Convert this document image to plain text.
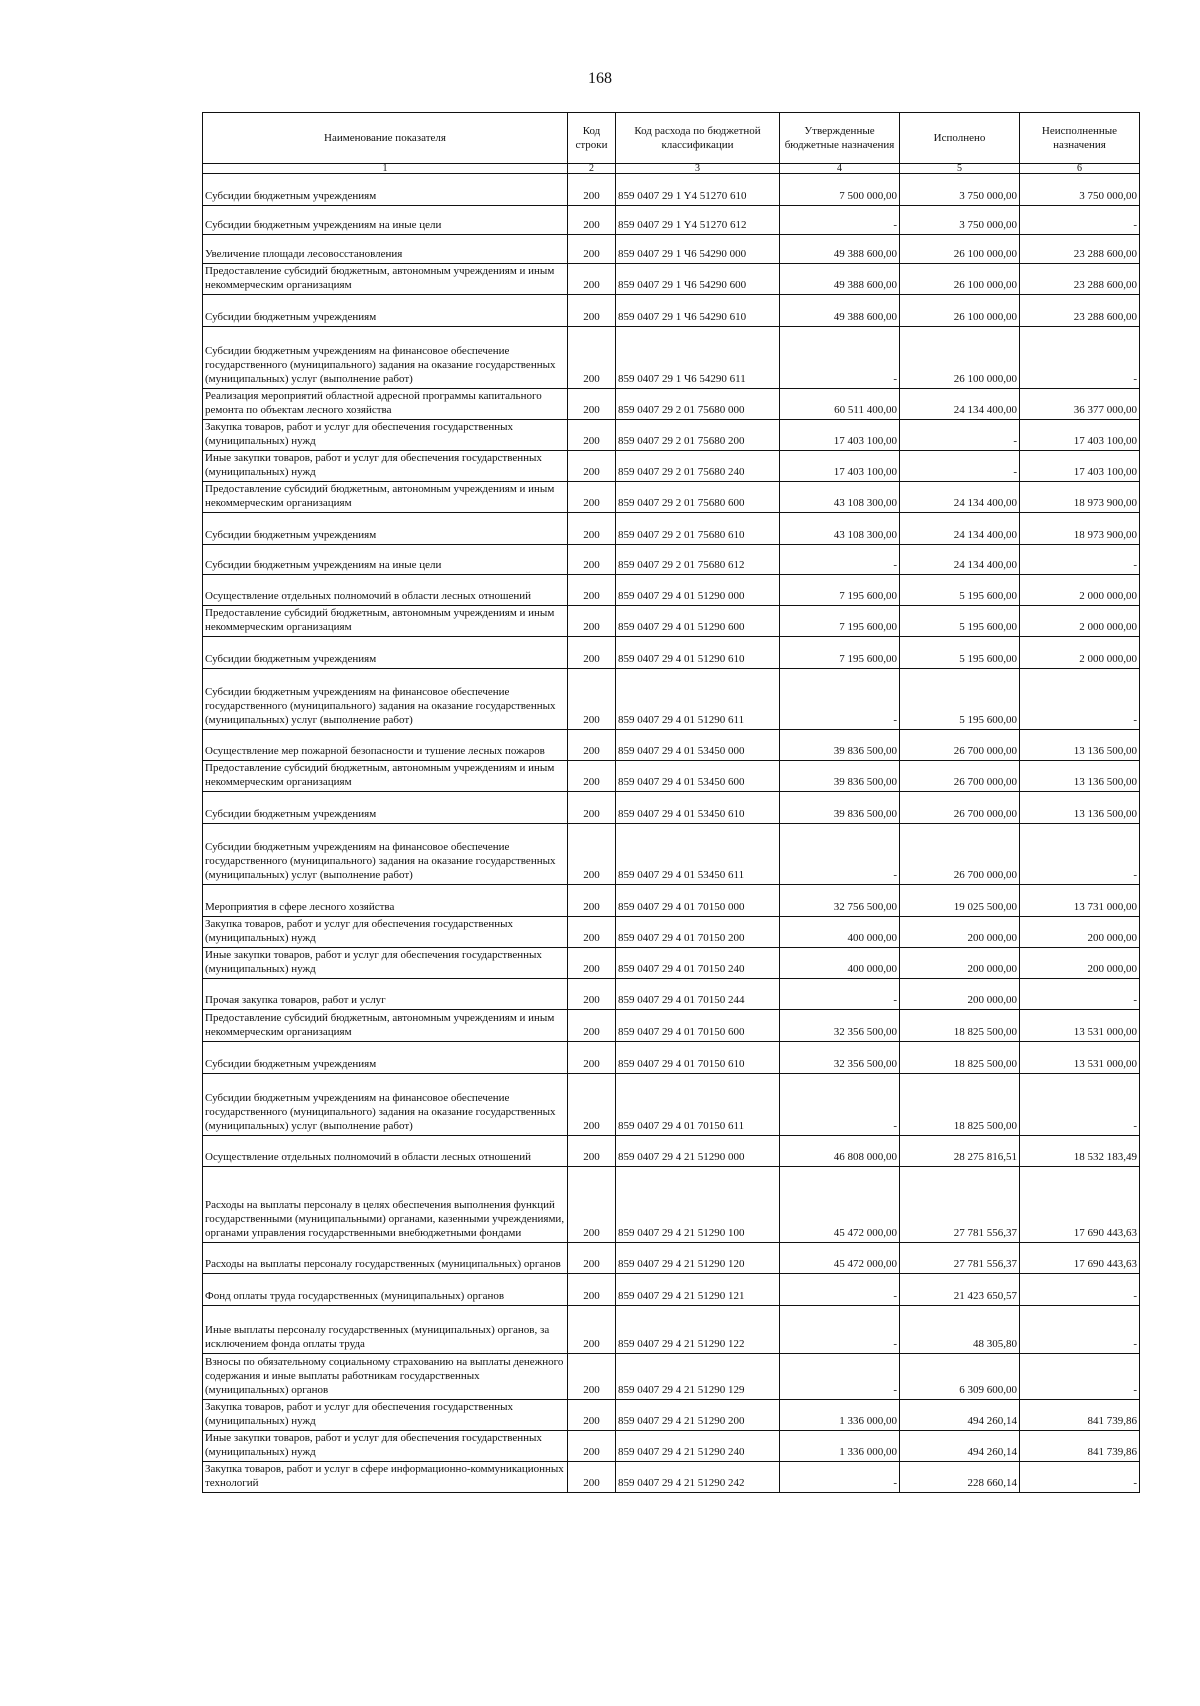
168
Наименование показателя	Код строки	Код расхода по бюджетной классификации	Утвержденные бюджетные назначения	Исполнено	Неисполненные назначения
1	2	3	4	5	6
Субсидии бюджетным учреждениям	200	859 0407 29 1 Y4 51270 610	7 500 000,00	3 750 000,00	3 750 000,00
Субсидии бюджетным учреждениям на иные цели	200	859 0407 29 1 Y4 51270 612	-	3 750 000,00	-
Увеличение площади лесовосстановления	200	859 0407 29 1 Ч6 54290 000	49 388 600,00	26 100 000,00	23 288 600,00
Предоставление субсидий бюджетным, автономным учреждениям и иным некоммерческим организациям	200	859 0407 29 1 Ч6 54290 600	49 388 600,00	26 100 000,00	23 288 600,00
Субсидии бюджетным учреждениям	200	859 0407 29 1 Ч6 54290 610	49 388 600,00	26 100 000,00	23 288 600,00
Субсидии бюджетным учреждениям на финансовое обеспечение государственного (муниципального) задания на оказание государственных (муниципальных) услуг (выполнение работ)	200	859 0407 29 1 Ч6 54290 611	-	26 100 000,00	-
Реализация мероприятий областной адресной программы капитального ремонта по объектам лесного хозяйства	200	859 0407 29 2 01 75680 000	60 511 400,00	24 134 400,00	36 377 000,00
Закупка товаров, работ и услуг для обеспечения государственных (муниципальных) нужд	200	859 0407 29 2 01 75680 200	17 403 100,00	-	17 403 100,00
Иные закупки товаров, работ и услуг для обеспечения государственных (муниципальных) нужд	200	859 0407 29 2 01 75680 240	17 403 100,00	-	17 403 100,00
Предоставление субсидий бюджетным, автономным учреждениям и иным некоммерческим организациям	200	859 0407 29 2 01 75680 600	43 108 300,00	24 134 400,00	18 973 900,00
Субсидии бюджетным учреждениям	200	859 0407 29 2 01 75680 610	43 108 300,00	24 134 400,00	18 973 900,00
Субсидии бюджетным учреждениям на иные цели	200	859 0407 29 2 01 75680 612	-	24 134 400,00	-
Осуществление отдельных полномочий в области лесных отношений	200	859 0407 29 4 01 51290 000	7 195 600,00	5 195 600,00	2 000 000,00
Предоставление субсидий бюджетным, автономным учреждениям и иным некоммерческим организациям	200	859 0407 29 4 01 51290 600	7 195 600,00	5 195 600,00	2 000 000,00
Субсидии бюджетным учреждениям	200	859 0407 29 4 01 51290 610	7 195 600,00	5 195 600,00	2 000 000,00
Субсидии бюджетным учреждениям на финансовое обеспечение государственного (муниципального) задания на оказание государственных (муниципальных) услуг (выполнение работ)	200	859 0407 29 4 01 51290 611	-	5 195 600,00	-
Осуществление мер пожарной безопасности и тушение лесных пожаров	200	859 0407 29 4 01 53450 000	39 836 500,00	26 700 000,00	13 136 500,00
Предоставление субсидий бюджетным, автономным учреждениям и иным некоммерческим организациям	200	859 0407 29 4 01 53450 600	39 836 500,00	26 700 000,00	13 136 500,00
Субсидии бюджетным учреждениям	200	859 0407 29 4 01 53450 610	39 836 500,00	26 700 000,00	13 136 500,00
Субсидии бюджетным учреждениям на финансовое обеспечение государственного (муниципального) задания на оказание государственных (муниципальных) услуг (выполнение работ)	200	859 0407 29 4 01 53450 611	-	26 700 000,00	-
Мероприятия в сфере лесного хозяйства	200	859 0407 29 4 01 70150 000	32 756 500,00	19 025 500,00	13 731 000,00
Закупка товаров, работ и услуг для обеспечения государственных (муниципальных) нужд	200	859 0407 29 4 01 70150 200	400 000,00	200 000,00	200 000,00
Иные закупки товаров, работ и услуг для обеспечения государственных (муниципальных) нужд	200	859 0407 29 4 01 70150 240	400 000,00	200 000,00	200 000,00
Прочая закупка товаров, работ и услуг	200	859 0407 29 4 01 70150 244	-	200 000,00	-
Предоставление субсидий бюджетным, автономным учреждениям и иным некоммерческим организациям	200	859 0407 29 4 01 70150 600	32 356 500,00	18 825 500,00	13 531 000,00
Субсидии бюджетным учреждениям	200	859 0407 29 4 01 70150 610	32 356 500,00	18 825 500,00	13 531 000,00
Субсидии бюджетным учреждениям на финансовое обеспечение государственного (муниципального) задания на оказание государственных (муниципальных) услуг (выполнение работ)	200	859 0407 29 4 01 70150 611	-	18 825 500,00	-
Осуществление отдельных полномочий в области лесных отношений	200	859 0407 29 4 21 51290 000	46 808 000,00	28 275 816,51	18 532 183,49
Расходы на выплаты персоналу в целях обеспечения выполнения функций государственными (муниципальными) органами, казенными учреждениями, органами управления государственными внебюджетными фондами	200	859 0407 29 4 21 51290 100	45 472 000,00	27 781 556,37	17 690 443,63
Расходы на выплаты персоналу государственных (муниципальных) органов	200	859 0407 29 4 21 51290 120	45 472 000,00	27 781 556,37	17 690 443,63
Фонд оплаты труда государственных (муниципальных) органов	200	859 0407 29 4 21 51290 121	-	21 423 650,57	-
Иные выплаты персоналу государственных (муниципальных) органов, за исключением фонда оплаты труда	200	859 0407 29 4 21 51290 122	-	48 305,80	-
Взносы по обязательному социальному страхованию на выплаты денежного содержания и иные выплаты работникам государственных (муниципальных) органов	200	859 0407 29 4 21 51290 129	-	6 309 600,00	-
Закупка товаров, работ и услуг для обеспечения государственных (муниципальных) нужд	200	859 0407 29 4 21 51290 200	1 336 000,00	494 260,14	841 739,86
Иные закупки товаров, работ и услуг для обеспечения государственных (муниципальных) нужд	200	859 0407 29 4 21 51290 240	1 336 000,00	494 260,14	841 739,86
Закупка товаров, работ и услуг в сфере информационно-коммуникационных технологий	200	859 0407 29 4 21 51290 242	-	228 660,14	-
